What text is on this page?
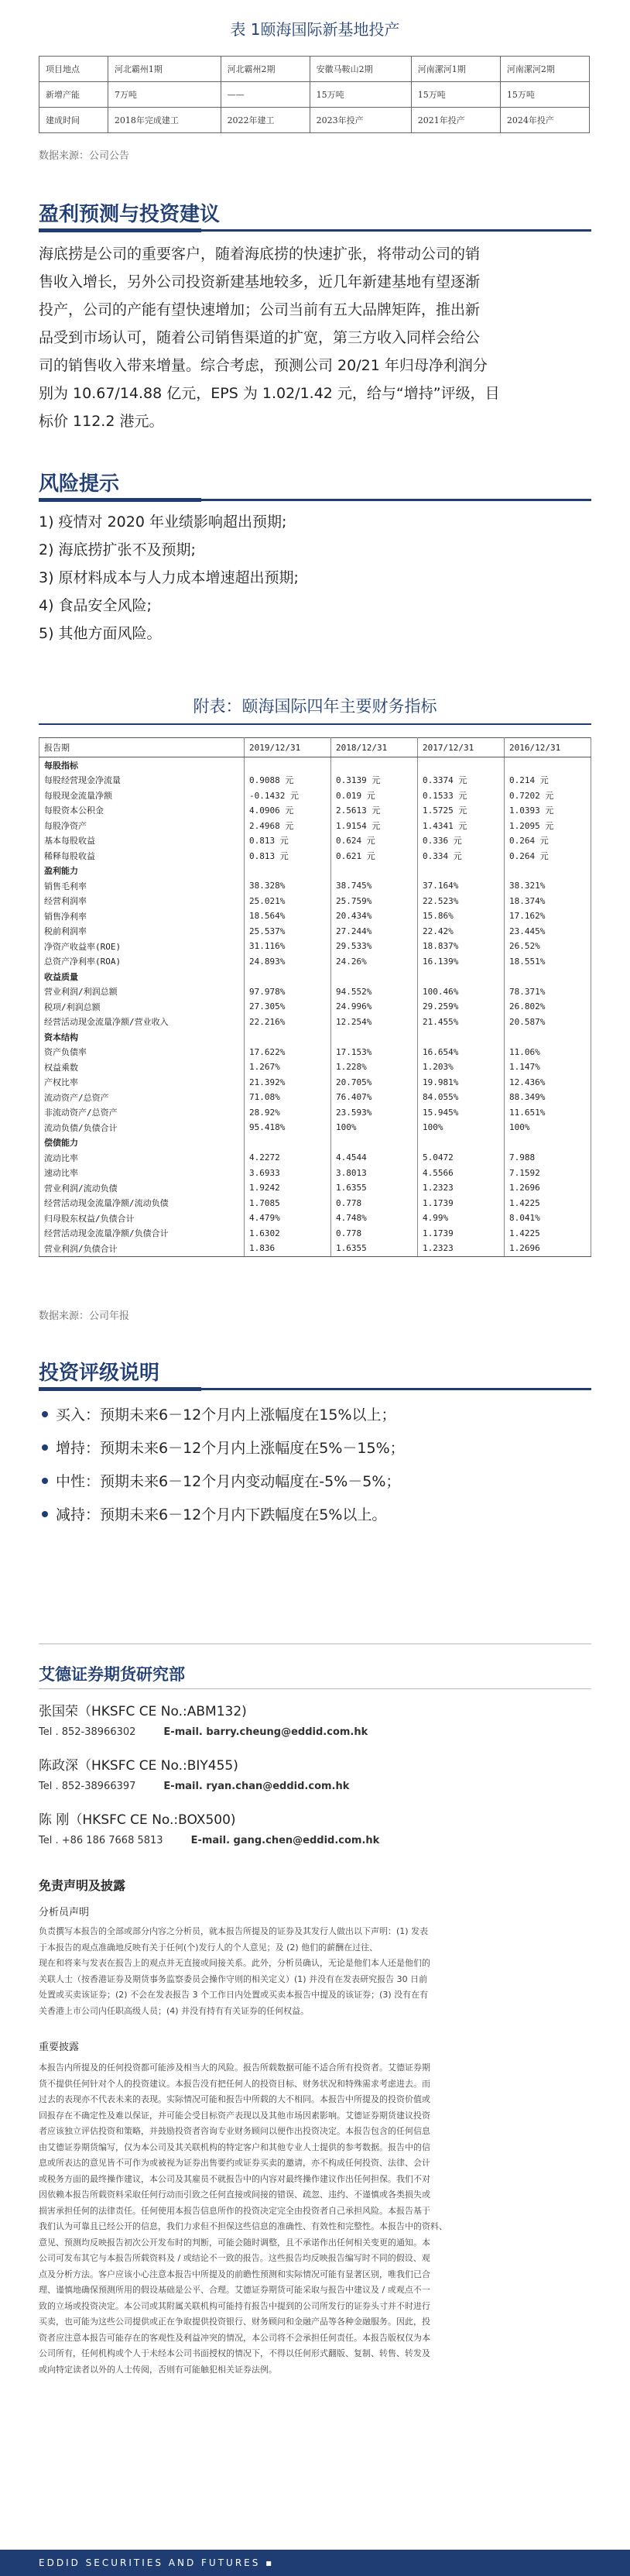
表 1颐海国际新基地投产
项目地点	河北霸州1期	河北霸州2期	安徽马鞍山2期	河南漯河1期	河南漯河2期
新增产能	7万吨	——	15万吨	15万吨	15万吨
建成时间	2018年完成建工	2022年建工	2023年投产	2021年投产	2024年投产
数据来源：公司公告
盈利预测与投资建议
海底捞是公司的重要客户，随着海底捞的快速扩张，将带动公司的销
售收入增长，另外公司投资新建基地较多，近几年新建基地有望逐渐
投产，公司的产能有望快速增加；公司当前有五大品牌矩阵，推出新
品受到市场认可，随着公司销售渠道的扩宽，第三方收入同样会给公
司的销售收入带来增量。综合考虑，预测公司 20/21 年归母净利润分
别为 10.67/14.88 亿元，EPS 为 1.02/1.42 元，给与“增持”评级，目
标价 112.2 港元。
风险提示
1) 疫情对 2020 年业绩影响超出预期;
2) 海底捞扩张不及预期;
3) 原材料成本与人力成本增速超出预期;
4) 食品安全风险;
5) 其他方面风险。
附表：颐海国际四年主要财务指标
报告期	2019/12/31	2018/12/31	2017/12/31	2016/12/31
每股指标				
每股经营现金净流量	0.9088 元	0.3139 元	0.3374 元	0.214 元
每股现金流量净额	-0.1432 元	0.019 元	0.1533 元	0.7202 元
每股资本公积金	4.0906 元	2.5613 元	1.5725 元	1.0393 元
每股净资产	2.4968 元	1.9154 元	1.4341 元	1.2095 元
基本每股收益	0.813 元	0.624 元	0.336 元	0.264 元
稀释每股收益	0.813 元	0.621 元	0.334 元	0.264 元
盈利能力				
销售毛利率	38.328%	38.745%	37.164%	38.321%
经营利润率	25.021%	25.759%	22.523%	18.374%
销售净利率	18.564%	20.434%	15.86%	17.162%
税前利润率	25.537%	27.244%	22.42%	23.445%
净资产收益率(ROE)	31.116%	29.533%	18.837%	26.52%
总资产净利率(ROA)	24.893%	24.26%	16.139%	18.551%
收益质量				
营业利润/利润总额	97.978%	94.552%	100.46%	78.371%
税项/利润总额	27.305%	24.996%	29.259%	26.802%
经营活动现金流量净额/营业收入	22.216%	12.254%	21.455%	20.587%
资本结构				
资产负债率	17.622%	17.153%	16.654%	11.06%
权益乘数	1.267%	1.228%	1.203%	1.147%
产权比率	21.392%	20.705%	19.981%	12.436%
流动资产/总资产	71.08%	76.407%	84.055%	88.349%
非流动资产/总资产	28.92%	23.593%	15.945%	11.651%
流动负债/负债合计	95.418%	100%	100%	100%
偿债能力				
流动比率	4.2272	4.4544	5.0472	7.988
速动比率	3.6933	3.8013	4.5566	7.1592
营业利润/流动负债	1.9242	1.6355	1.2323	1.2696
经营活动现金流量净额/流动负债	1.7085	0.778	1.1739	1.4225
归母股东权益/负债合计	4.479%	4.748%	4.99%	8.041%
经营活动现金流量净额/负债合计	1.6302	0.778	1.1739	1.4225
营业利润/负债合计	1.836	1.6355	1.2323	1.2696
数据来源：公司年报
投资评级说明
买入：预期未来6－12个月内上涨幅度在15%以上；
增持：预期未来6－12个月内上涨幅度在5%－15%；
中性：预期未来6－12个月内变动幅度在-5%－5%；
减持：预期未来6－12个月内下跌幅度在5%以上。
艾德证券期货研究部
张国荣（HKSFC CE No.:ABM132)
Tel . 852-38966302	E-mail. barry.cheung@eddid.com.hk
陈政深（HKSFC CE No.:BIY455)
Tel . 852-38966397	E-mail. ryan.chan@eddid.com.hk
陈 刚（HKSFC CE No.:BOX500)
Tel . +86 186 7668 5813	E-mail. gang.chen@eddid.com.hk
免责声明及披露
分析员声明
负责撰写本报告的全部或部分内容之分析员，就本报告所提及的证券及其发行人做出以下声明：(1) 发表
于本报告的观点准确地反映有关于任何(个)发行人的个人意见；及 (2) 他们的薪酬在过往、
现在和将来与发表在报告上的观点并无直接或间接关系。此外，分析员确认，无论是他们本人还是他们的
关联人士（按香港证券及期货事务监察委员会操作守则的相关定义）(1) 并没有在发表研究报告 30 日前
处置或买卖该证券；(2) 不会在发表报告 3 个工作日内处置或买卖本报告中提及的该证券；(3) 没有在有
关香港上市公司内任职高级人员；(4) 并没有持有有关证券的任何权益。
重要披露
本报告内所提及的任何投资都可能涉及相当大的风险。报告所载数据可能不适合所有投资者。艾德证券期
货不提供任何针对个人的投资建议。本报告没有把任何人的投资目标、财务状况和特殊需求考虑进去。而
过去的表现亦不代表未来的表现。实际情况可能和报告中所载的大不相同。本报告中所提及的投资价值或
回报存在不确定性及难以保证，并可能会受目标资产表现以及其他市场因素影响。艾德证券期货建议投资
者应该独立评估投资和策略，并鼓励投资者咨询专业财务顾问以便作出投资决定。本报告包含的任何信息
由艾德证券期货编写，仅为本公司及其关联机构的特定客户和其他专业人士提供的参考数据。报告中的信
息或所表达的意见皆不可作为或被视为证券出售要约或证券买卖的邀请，亦不构成任何投资、法律、会计
或税务方面的最终操作建议，本公司及其雇员不就报告中的内容对最终操作建议作出任何担保。我们不对
因依赖本报告所载资料采取任何行动而引致之任何直接或间接的错误、疏忽、违约、不谨慎或各类损失或
损害承担任何的法律责任。任何使用本报告信息所作的投资决定完全由投资者自己承担风险。本报告基于
我们认为可靠且已经公开的信息，我们力求但不担保这些信息的准确性、有效性和完整性。本报告中的资料、
意见、预测均反映报告初次公开发布时的判断，可能会随时调整，且不承诺作出任何相关变更的通知。本
公司可发布其它与本报告所载资料及 / 或结论不一致的报告。这些报告均反映报告编写时不同的假设、观
点及分析方法。客户应该小心注意本报告中所提及的前瞻性预测和实际情况可能有显著区别，唯我们已合
理、谨慎地确保预测所用的假设基础是公平、合理。艾德证券期货可能采取与报告中建议及 / 或观点不一
致的立场或投资决定。本公司或其附属关联机构可能持有报告中提到的公司所发行的证券头寸并不时进行
买卖，也可能为这些公司提供或正在争取提供投资银行、财务顾问和金融产品等各种金融服务。因此，投
资者应注意本报告可能存在的客观性及利益冲突的情况，本公司将不会承担任何责任。本报告版权仅为本
公司所有，任何机构或个人于未经本公司书面授权的情况下，不得以任何形式翻版、复制、转售、转发及
或向特定读者以外的人士传阅，否则有可能触犯相关证券法例。
EDDID SECURITIES AND FUTURES ▪
